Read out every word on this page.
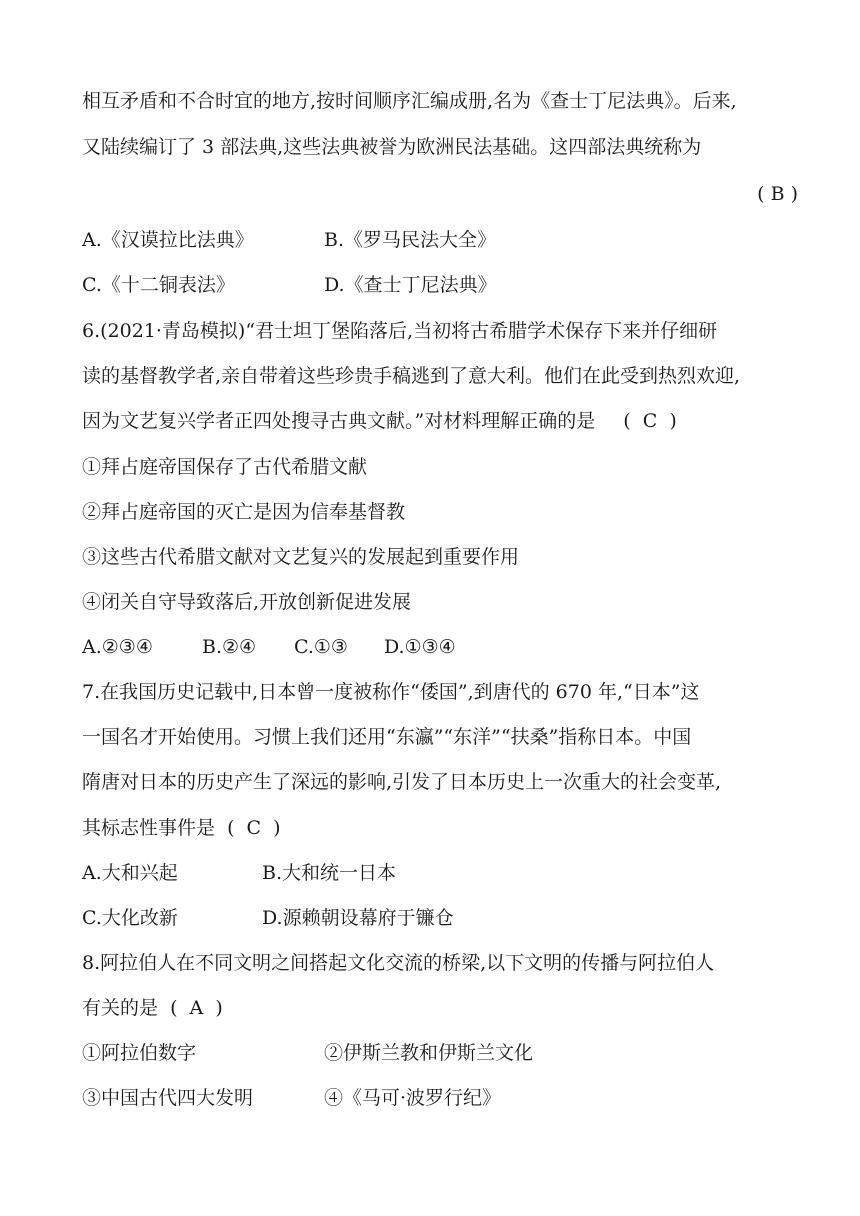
相互矛盾和不合时宜的地方,按时间顺序汇编成册,名为《查士丁尼法典》。后来,
又陆续编订了 3 部法典,这些法典被誉为欧洲民法基础。这四部法典统称为
( B )
A.《汉谟拉比法典》	B.《罗马民法大全》
C.《十二铜表法》	D.《查士丁尼法典》
6.(2021·青岛模拟)“君士坦丁堡陷落后,当初将古希腊学术保存下来并仔细研
读的基督教学者,亲自带着这些珍贵手稿逃到了意大利。他们在此受到热烈欢迎,
因为文艺复兴学者正四处搜寻古典文献。”对材料理解正确的是 (  C  )
①拜占庭帝国保存了古代希腊文献
②拜占庭帝国的灭亡是因为信奉基督教
③这些古代希腊文献对文艺复兴的发展起到重要作用
④闭关自守导致落后,开放创新促进发展
A.②③④	B.②④ C.①③ D.①③④
7.在我国历史记载中,日本曾一度被称作“倭国”,到唐代的 670 年,“日本”这
一国名才开始使用。习惯上我们还用“东瀛”“东洋”“扶桑”指称日本。中国
隋唐对日本的历史产生了深远的影响,引发了日本历史上一次重大的社会变革,
其标志性事件是 (  C  )
A.大和兴起	B.大和统一日本
C.大化改新	D.源赖朝设幕府于镰仓
8.阿拉伯人在不同文明之间搭起文化交流的桥梁,以下文明的传播与阿拉伯人
有关的是 (  A  )
①阿拉伯数字	②伊斯兰教和伊斯兰文化
③中国古代四大发明	④《马可·波罗行纪》
